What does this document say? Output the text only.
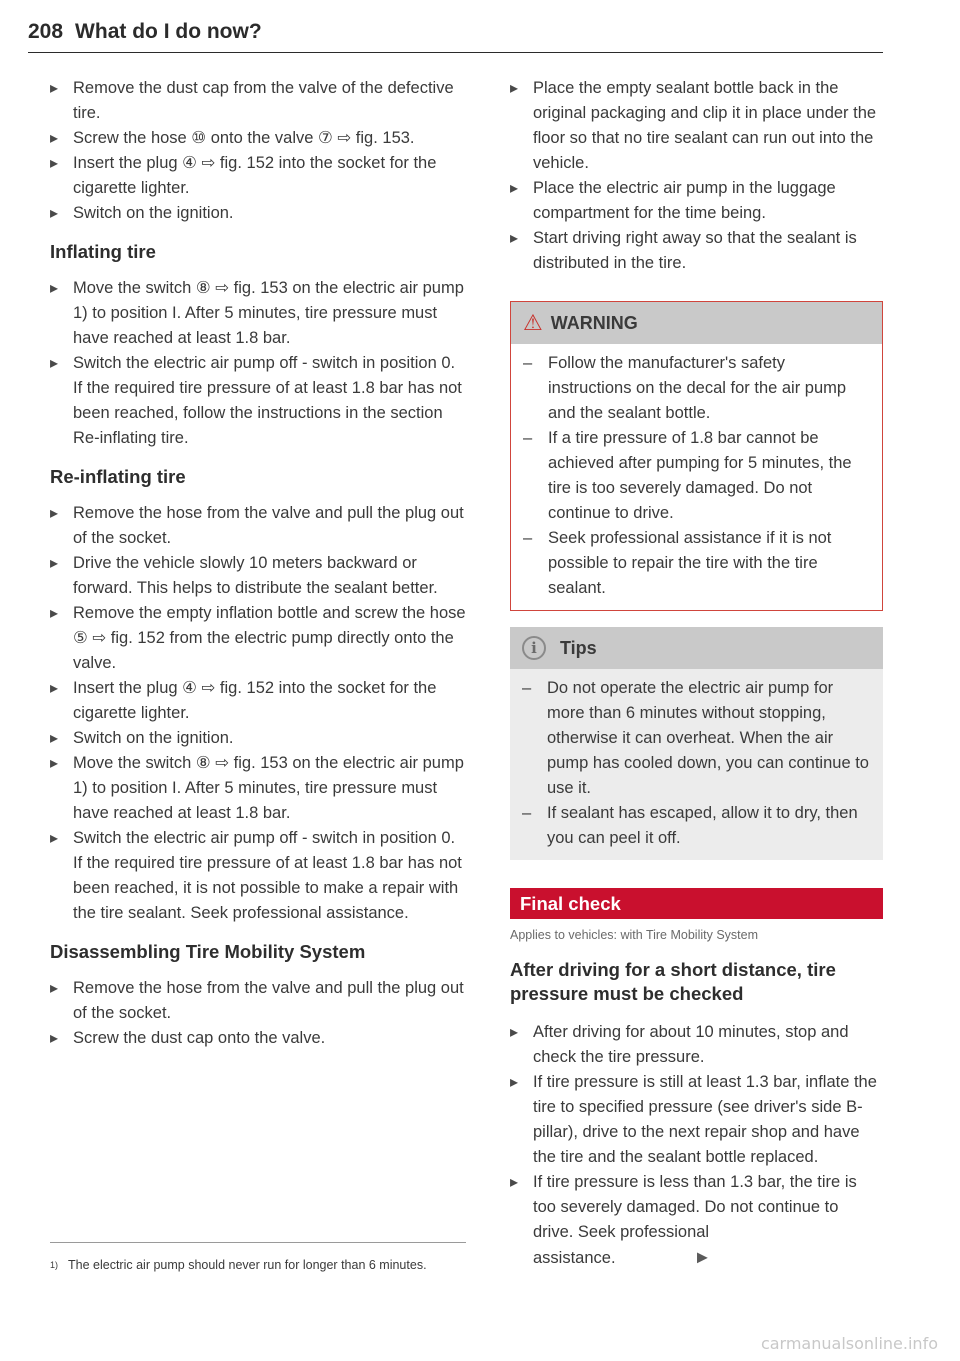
208 What do I do now?
▸ Remove the dust cap from the valve of the defective tire.
▸ Screw the hose ⑩ onto the valve ⑦ ⇨ fig. 153.
▸ Insert the plug ④ ⇨ fig. 152 into the socket for the cigarette lighter.
▸ Switch on the ignition.
Inflating tire
▸ Move the switch ⑧ ⇨ fig. 153 on the electric air pump 1) to position I. After 5 minutes, tire pressure must have reached at least 1.8 bar.
▸ Switch the electric air pump off - switch in position 0. If the required tire pressure of at least 1.8 bar has not been reached, follow the instructions in the section Re-inflating tire.
Re-inflating tire
▸ Remove the hose from the valve and pull the plug out of the socket.
▸ Drive the vehicle slowly 10 meters backward or forward. This helps to distribute the sealant better.
▸ Remove the empty inflation bottle and screw the hose ⑤ ⇨ fig. 152 from the electric pump directly onto the valve.
▸ Insert the plug ④ ⇨ fig. 152 into the socket for the cigarette lighter.
▸ Switch on the ignition.
▸ Move the switch ⑧ ⇨ fig. 153 on the electric air pump 1) to position I. After 5 minutes, tire pressure must have reached at least 1.8 bar.
▸ Switch the electric air pump off - switch in position 0. If the required tire pressure of at least 1.8 bar has not been reached, it is not possible to make a repair with the tire sealant. Seek professional assistance.
Disassembling Tire Mobility System
▸ Remove the hose from the valve and pull the plug out of the socket.
▸ Screw the dust cap onto the valve.
1) The electric air pump should never run for longer than 6 minutes.
▸ Place the empty sealant bottle back in the original packaging and clip it in place under the floor so that no tire sealant can run out into the vehicle.
▸ Place the electric air pump in the luggage compartment for the time being.
▸ Start driving right away so that the sealant is distributed in the tire.
⚠ WARNING
– Follow the manufacturer's safety instructions on the decal for the air pump and the sealant bottle.
– If a tire pressure of 1.8 bar cannot be achieved after pumping for 5 minutes, the tire is too severely damaged. Do not continue to drive.
– Seek professional assistance if it is not possible to repair the tire with the tire sealant.
i	Tips
– Do not operate the electric air pump for more than 6 minutes without stopping, otherwise it can overheat. When the air pump has cooled down, you can continue to use it.
– If sealant has escaped, allow it to dry, then you can peel it off.
Final check
Applies to vehicles: with Tire Mobility System
After driving for a short distance, tire pressure must be checked
▸ After driving for about 10 minutes, stop and check the tire pressure.
▸ If tire pressure is still at least 1.3 bar, inflate the tire to specified pressure (see driver's side B-pillar), drive to the next repair shop and have the tire and the sealant bottle replaced.
▸ If tire pressure is less than 1.3 bar, the tire is too severely damaged. Do not continue to drive. Seek professional assistance.	►
carmanualsonline.info
